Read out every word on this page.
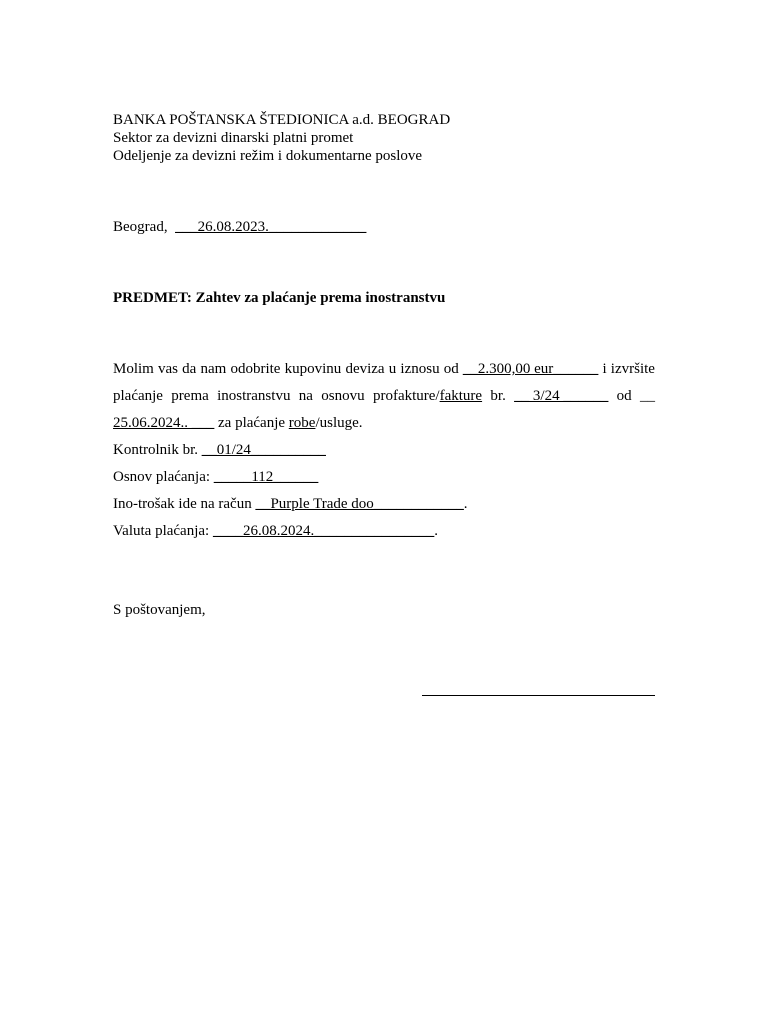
BANKA POŠTANSKA ŠTEDIONICA a.d. BEOGRAD
Sektor za devizni dinarski platni promet
Odeljenje za devizni režim i dokumentarne poslove
Beograd, ___26.08.2023._____________
PREDMET: Zahtev za plaćanje prema inostranstvu
Molim vas da nam odobrite kupovinu deviza u iznosu od __2.300,00 eur______ i izvršite
plaćanje prema inostranstvu na osnovu profakture/fakture br. __ 3/24 ______ od __
25.06.2024.. ___ za plaćanje robe/usluge.
Kontrolnik br. __01/24__________
Osnov plaćanja: _____112______
Ino-trošak ide na račun __Purple Trade doo____________.
Valuta plaćanja: ____26.08.2024.________________.
S poštovanjem,
